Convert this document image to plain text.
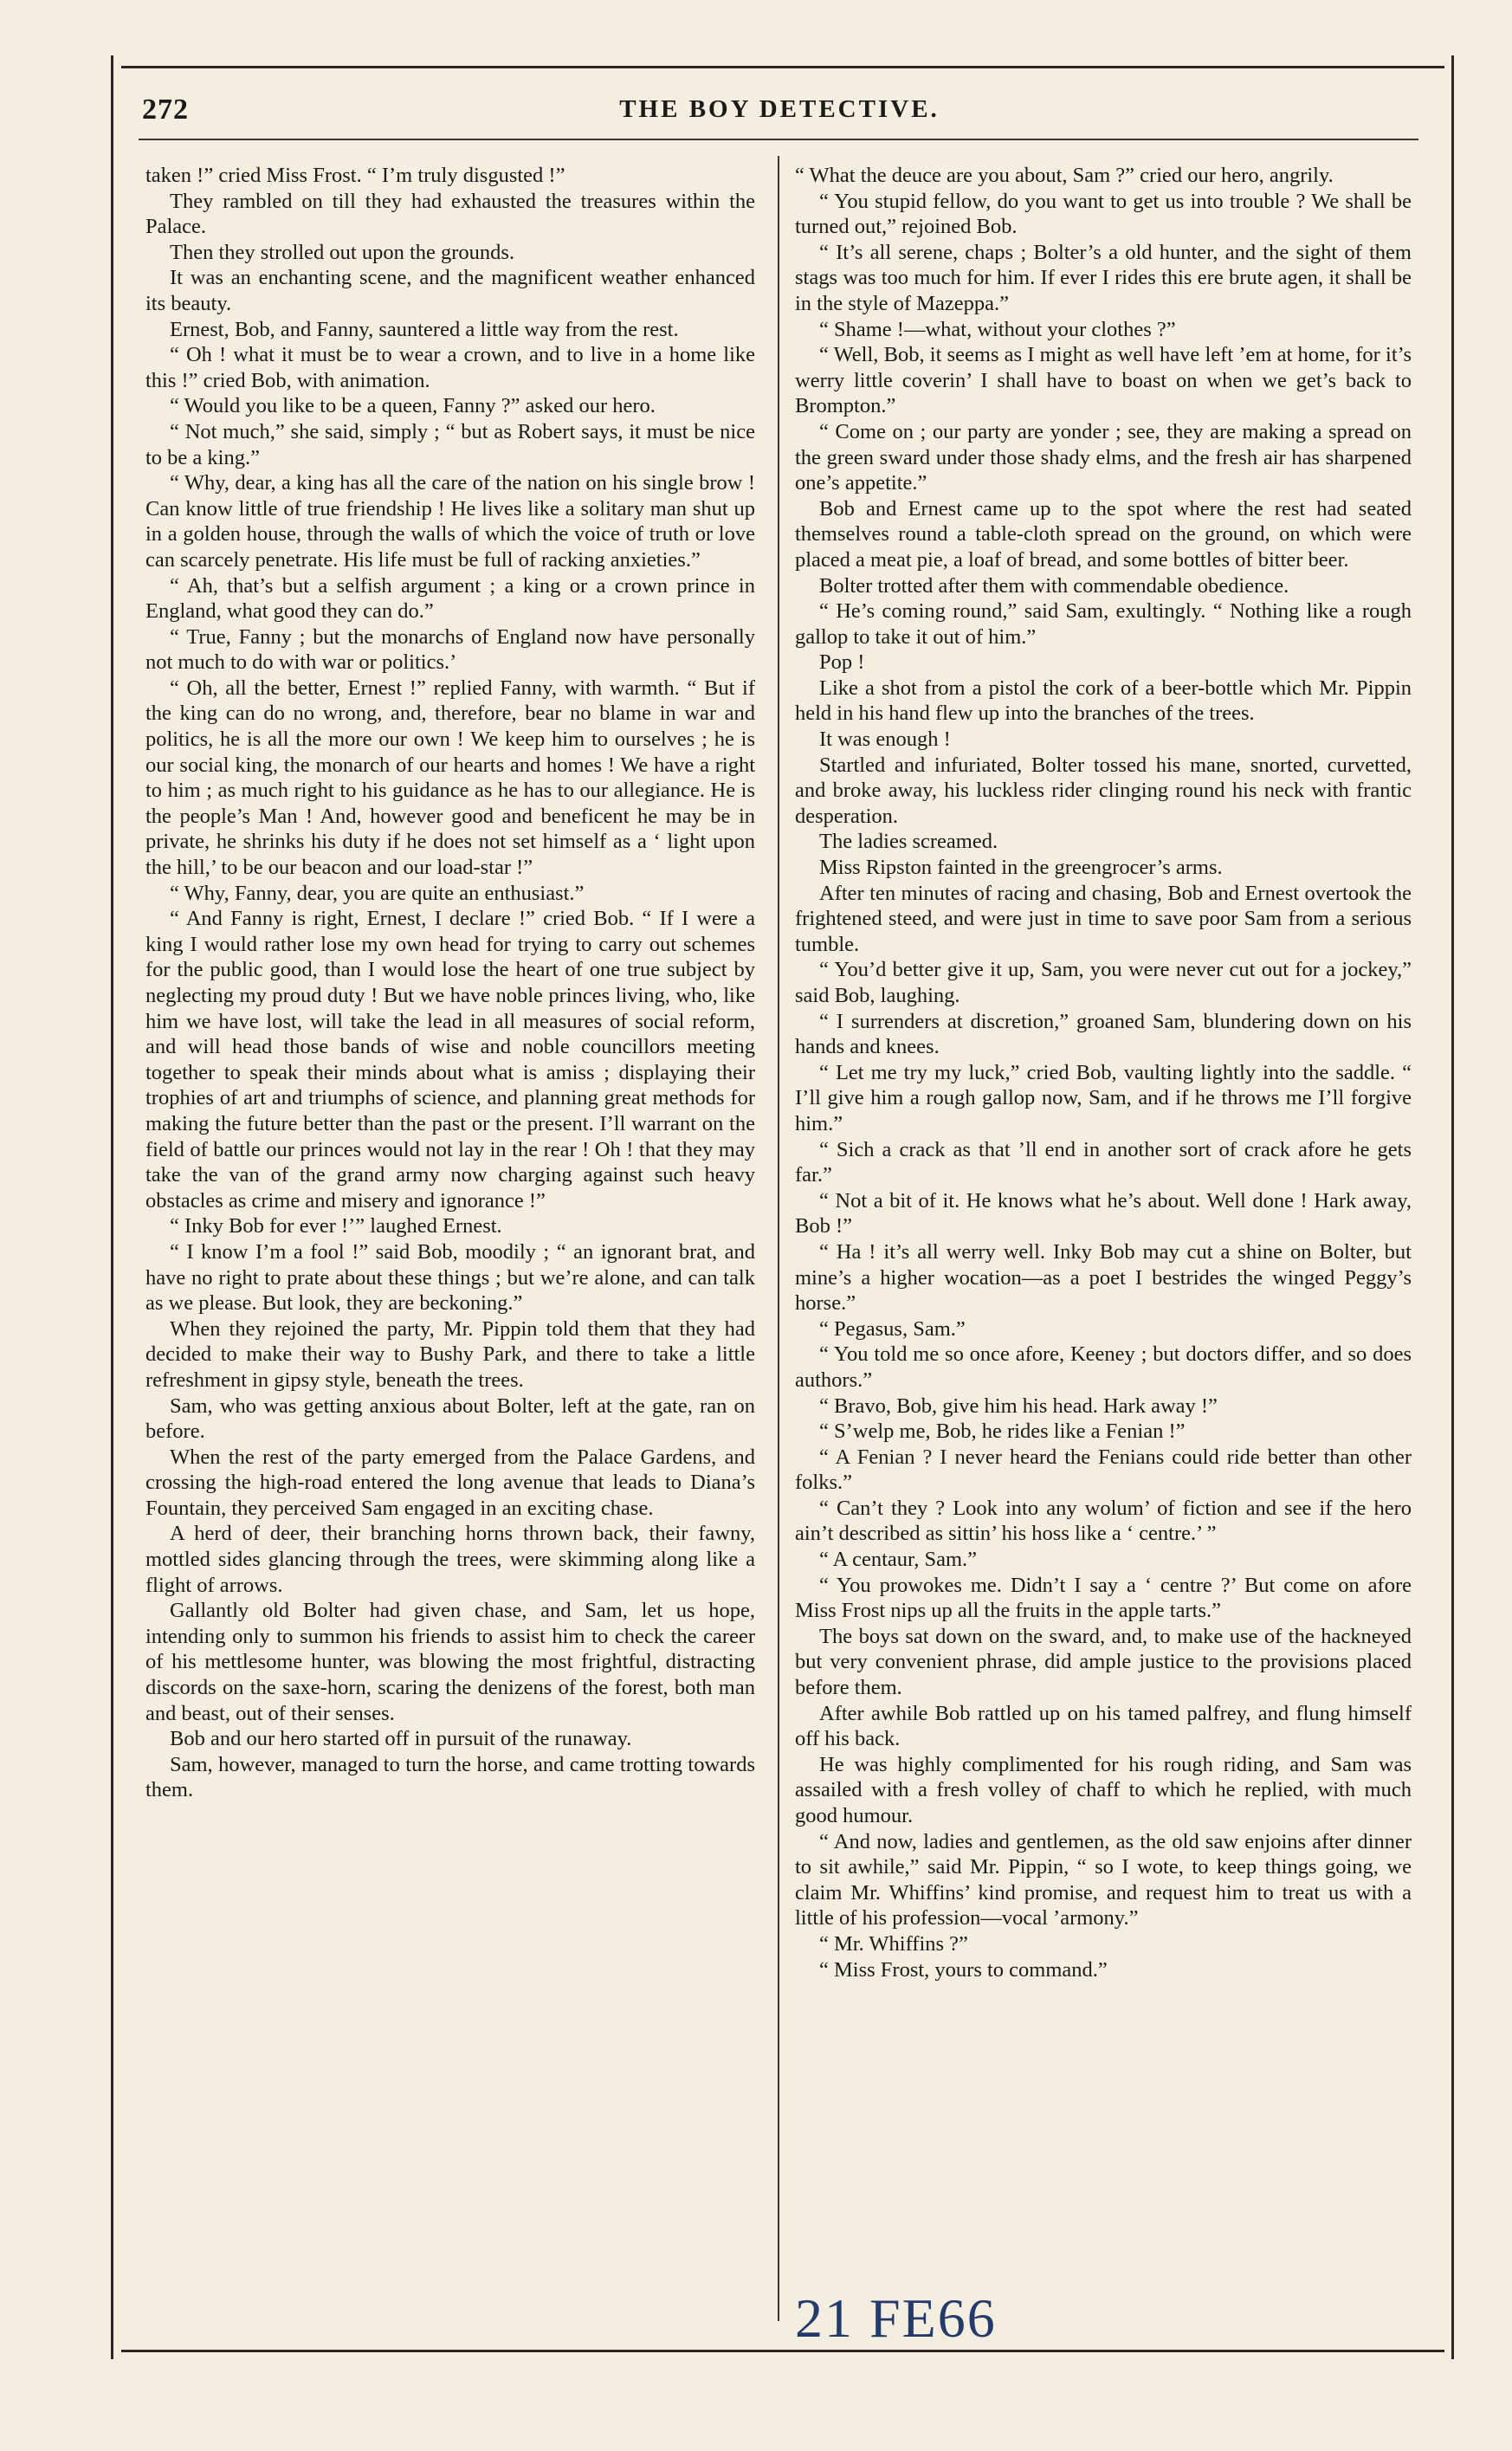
272	THE BOY DETECTIVE.

taken !” cried Miss Frost. “ I’m truly disgusted !”

They rambled on till they had exhausted the treasures within the Palace.

Then they strolled out upon the grounds.

It was an enchanting scene, and the magnificent weather enhanced its beauty.

Ernest, Bob, and Fanny, sauntered a little way from the rest.

“ Oh ! what it must be to wear a crown, and to live in a home like this !” cried Bob, with animation.

“ Would you like to be a queen, Fanny ?” asked our hero.

“ Not much,” she said, simply ; “ but as Robert says, it must be nice to be a king.”

“ Why, dear, a king has all the care of the nation on his single brow ! Can know little of true friendship ! He lives like a solitary man shut up in a golden house, through the walls of which the voice of truth or love can scarcely penetrate. His life must be full of racking anxieties.”

“ Ah, that’s but a selfish argument ; a king or a crown prince in England, what good they can do.”

“ True, Fanny ; but the monarchs of England now have personally not much to do with war or politics.’

“ Oh, all the better, Ernest !” replied Fanny, with warmth. “ But if the king can do no wrong, and, therefore, bear no blame in war and politics, he is all the more our own ! We keep him to ourselves ; he is our social king, the monarch of our hearts and homes ! We have a right to him ; as much right to his guidance as he has to our allegiance. He is the people’s Man ! And, however good and beneficent he may be in private, he shrinks his duty if he does not set himself as a ‘ light upon the hill,’ to be our beacon and our load-star !”

“ Why, Fanny, dear, you are quite an enthusiast.”

“ And Fanny is right, Ernest, I declare !” cried Bob. “ If I were a king I would rather lose my own head for trying to carry out schemes for the public good, than I would lose the heart of one true subject by neglecting my proud duty ! But we have noble princes living, who, like him we have lost, will take the lead in all measures of social reform, and will head those bands of wise and noble councillors meeting together to speak their minds about what is amiss ; displaying their trophies of art and triumphs of science, and planning great methods for making the future better than the past or the present. I’ll warrant on the field of battle our princes would not lay in the rear ! Oh ! that they may take the van of the grand army now charging against such heavy obstacles as crime and misery and ignorance !”

“ Inky Bob for ever !’” laughed Ernest.

“ I know I’m a fool !” said Bob, moodily ; “ an ignorant brat, and have no right to prate about these things ; but we’re alone, and can talk as we please. But look, they are beckoning.”

When they rejoined the party, Mr. Pippin told them that they had decided to make their way to Bushy Park, and there to take a little refreshment in gipsy style, beneath the trees.

Sam, who was getting anxious about Bolter, left at the gate, ran on before.

When the rest of the party emerged from the Palace Gardens, and crossing the high-road entered the long avenue that leads to Diana’s Fountain, they perceived Sam engaged in an exciting chase.

A herd of deer, their branching horns thrown back, their fawny, mottled sides glancing through the trees, were skimming along like a flight of arrows.

Gallantly old Bolter had given chase, and Sam, let us hope, intending only to summon his friends to assist him to check the career of his mettlesome hunter, was blowing the most frightful, distracting discords on the saxe-horn, scaring the denizens of the forest, both man and beast, out of their senses.

Bob and our hero started off in pursuit of the runaway.

Sam, however, managed to turn the horse, and came trotting towards them.

“ What the deuce are you about, Sam ?” cried our hero, angrily.

“ You stupid fellow, do you want to get us into trouble ? We shall be turned out,” rejoined Bob.

“ It’s all serene, chaps ; Bolter’s a old hunter, and the sight of them stags was too much for him. If ever I rides this ere brute agen, it shall be in the style of Mazeppa.”

“ Shame !—what, without your clothes ?”

“ Well, Bob, it seems as I might as well have left ’em at home, for it’s werry little coverin’ I shall have to boast on when we get’s back to Brompton.”

“ Come on ; our party are yonder ; see, they are making a spread on the green sward under those shady elms, and the fresh air has sharpened one’s appetite.”

Bob and Ernest came up to the spot where the rest had seated themselves round a table-cloth spread on the ground, on which were placed a meat pie, a loaf of bread, and some bottles of bitter beer.

Bolter trotted after them with commendable obedience.

“ He’s coming round,” said Sam, exultingly. “ Nothing like a rough gallop to take it out of him.”

Pop !

Like a shot from a pistol the cork of a beer-bottle which Mr. Pippin held in his hand flew up into the branches of the trees.

It was enough !

Startled and infuriated, Bolter tossed his mane, snorted, curvetted, and broke away, his luckless rider clinging round his neck with frantic desperation.

The ladies screamed.

Miss Ripston fainted in the greengrocer’s arms.

After ten minutes of racing and chasing, Bob and Ernest overtook the frightened steed, and were just in time to save poor Sam from a serious tumble.

“ You’d better give it up, Sam, you were never cut out for a jockey,” said Bob, laughing.

“ I surrenders at discretion,” groaned Sam, blundering down on his hands and knees.

“ Let me try my luck,” cried Bob, vaulting lightly into the saddle. “ I’ll give him a rough gallop now, Sam, and if he throws me I’ll forgive him.”

“ Sich a crack as that ’ll end in another sort of crack afore he gets far.”

“ Not a bit of it. He knows what he’s about. Well done ! Hark away, Bob !”

“ Ha ! it’s all werry well. Inky Bob may cut a shine on Bolter, but mine’s a higher wocation—as a poet I bestrides the winged Peggy’s horse.”

“ Pegasus, Sam.”

“ You told me so once afore, Keeney ; but doctors differ, and so does authors.”

“ Bravo, Bob, give him his head. Hark away !”

“ S’welp me, Bob, he rides like a Fenian !”

“ A Fenian ? I never heard the Fenians could ride better than other folks.”

“ Can’t they ? Look into any wolum’ of fiction and see if the hero ain’t described as sittin’ his hoss like a ‘ centre.’ ”

“ A centaur, Sam.”

“ You prowokes me. Didn’t I say a ‘ centre ?’ But come on afore Miss Frost nips up all the fruits in the apple tarts.”

The boys sat down on the sward, and, to make use of the hackneyed but very convenient phrase, did ample justice to the provisions placed before them.

After awhile Bob rattled up on his tamed palfrey, and flung himself off his back.

He was highly complimented for his rough riding, and Sam was assailed with a fresh volley of chaff to which he replied, with much good humour.

“ And now, ladies and gentlemen, as the old saw enjoins after dinner to sit awhile,” said Mr. Pippin, “ so I wote, to keep things going, we claim Mr. Whiffins’ kind promise, and request him to treat us with a little of his profession—vocal ’armony.”

“ Mr. Whiffins ?”

“ Miss Frost, yours to command.”

21 FE66
